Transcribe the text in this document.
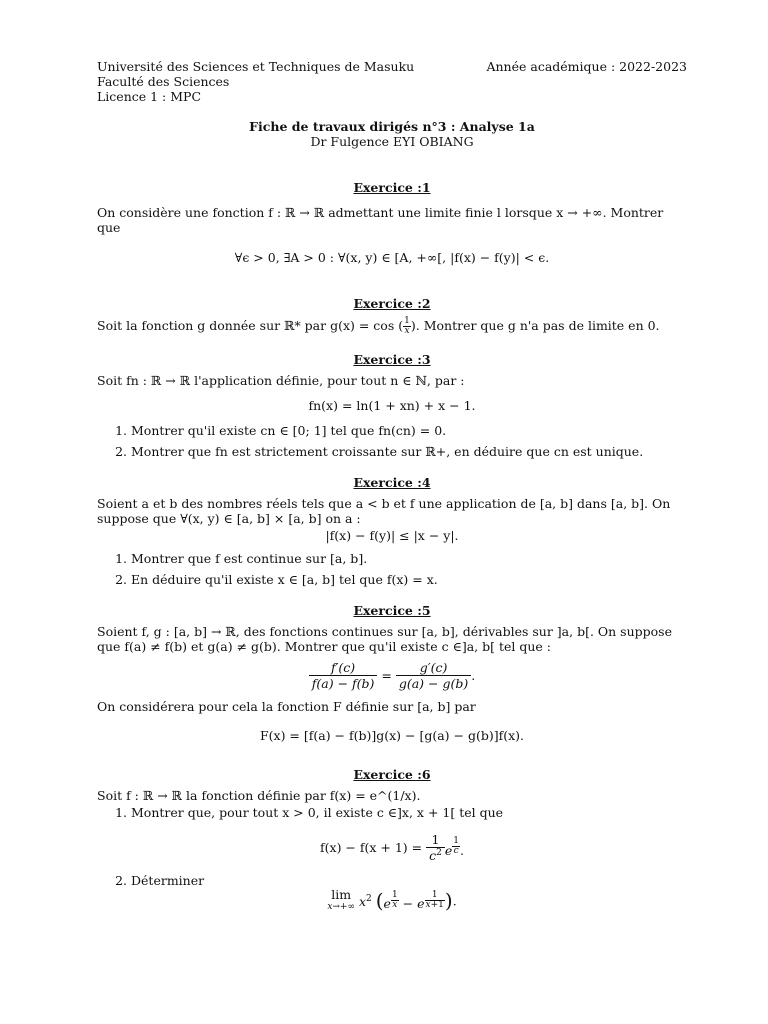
Université des Sciences et Techniques de Masuku
Faculté des Sciences
Licence 1 : MPC
Année académique : 2022-2023
Fiche de travaux dirigés n°3 : Analyse 1a
Dr Fulgence EYI OBIANG
Exercice :1

On considère une fonction f : ℝ → ℝ admettant une limite finie l lorsque x → +∞. Montrer que

∀ϵ > 0, ∃A > 0 : ∀(x, y) ∈ [A, +∞[, |f(x) − f(y)| < ϵ.

Exercice :2

Soit la fonction g donnée sur ℝ* par g(x) = cos ( $\frac{1}{x}$ ). Montrer que g n'a pas de limite en 0.

Exercice :3

Soit fn : ℝ → ℝ l'application définie, pour tout n ∈ ℕ, par :

fn(x) = ln(1 + xn) + x − 1.

1. Montrer qu'il existe cn ∈ [0; 1] tel que fn(cn) = 0.
2. Montrer que fn est strictement croissante sur ℝ+, en déduire que cn est unique.
Exercice :4

Soient a et b des nombres réels tels que a < b et f une application de [a, b] dans [a, b]. On suppose que ∀(x, y) ∈ [a, b] × [a, b] on a :

|f(x) − f(y)| ≤ |x − y|.

1. Montrer que f est continue sur [a, b].
2. En déduire qu'il existe x ∈ [a, b] tel que f(x) = x.
Exercice :5

Soient f, g : [a, b] → ℝ, des fonctions continues sur [a, b], dérivables sur ]a, b[. On suppose que f(a) ≠ f(b) et g(a) ≠ g(b). Montrer que qu'il existe c ∈]a, b[ tel que :

$\frac{f'(c)}{f(a) - f(b)} = \frac{g'(c)}{g(a) - g(b)}$ .

On considérera pour cela la fonction F définie sur [a, b] par

F(x) = [f(a) − f(b)]g(x) − [g(a) − g(b)]f(x).

Exercice :6

Soit f : ℝ → ℝ la fonction définie par f(x) = e^(1/x).

1. Montrer que, pour tout x > 0, il existe c ∈]x, x + 1[ tel que
$f(x) - f(x + 1) = \frac{1}{c^2}$ e $^{\frac{1}{c}}$ .
2. Déterminer
lim
x→+∞ $x^2$ (e $^{\frac{1}{x}}$ − e $^{\frac{1}{x+1}}$ ).
